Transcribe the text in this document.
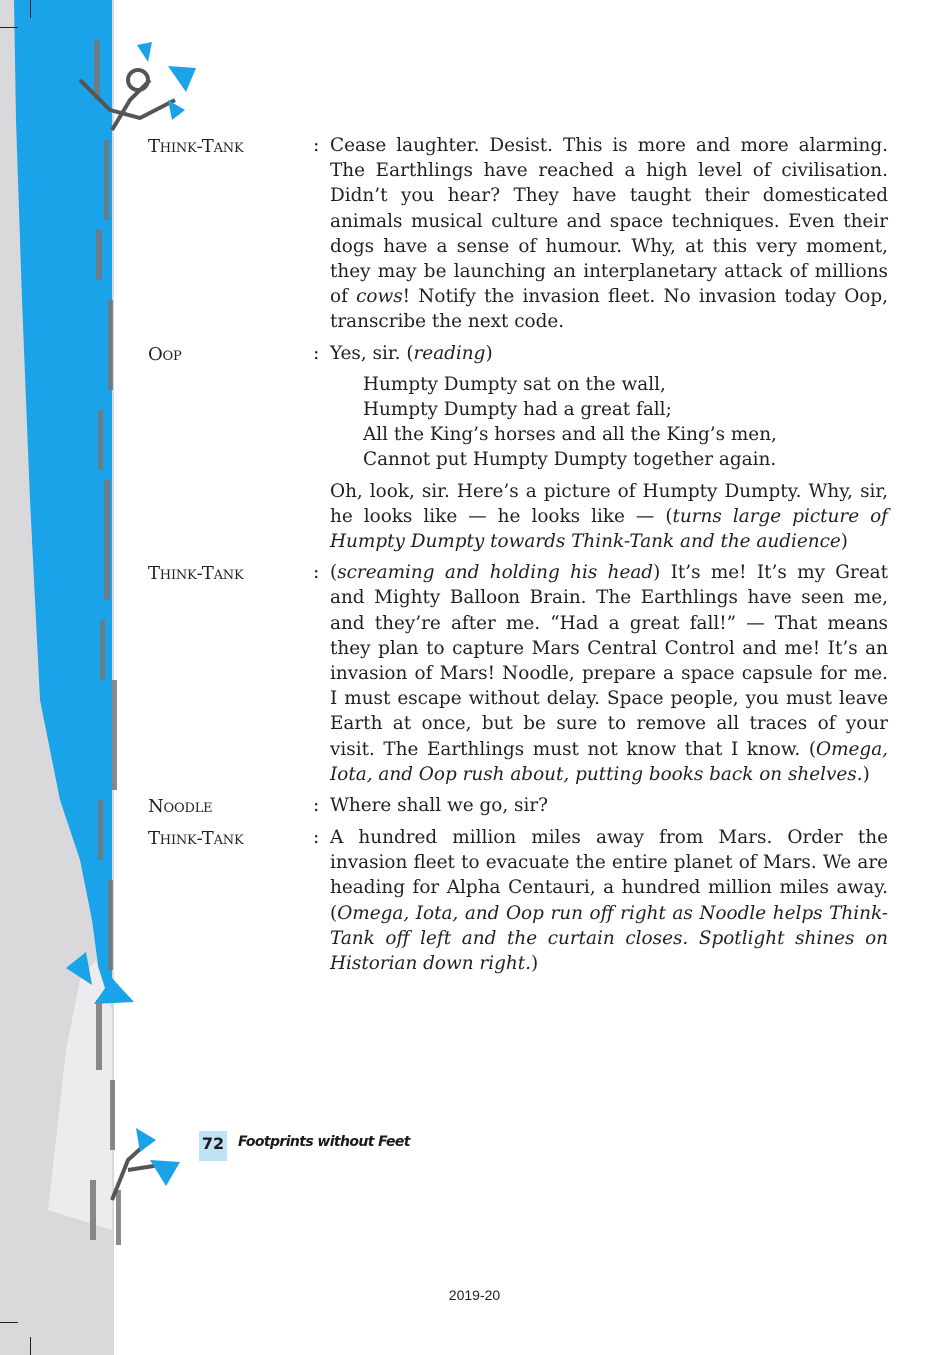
Think-Tank	: Cease laughter. Desist. This is more and more alarming. The Earthlings have reached a high level of civilisation. Didn’t you hear? They have taught their domesticated animals musical culture and space techniques. Even their dogs have a sense of humour. Why, at this very moment, they may be launching an interplanetary attack of millions of cows! Notify the invasion fleet. No invasion today Oop, transcribe the next code.

Oop	: Yes, sir. (reading)

Humpty Dumpty sat on the wall,
Humpty Dumpty had a great fall;
All the King’s horses and all the King’s men,
Cannot put Humpty Dumpty together again.

Oh, look, sir. Here’s a picture of Humpty Dumpty. Why, sir, he looks like — he looks like — (turns large picture of Humpty Dumpty towards Think-Tank and the audience)

Think-Tank	: (screaming and holding his head) It’s me! It’s my Great and Mighty Balloon Brain. The Earthlings have seen me, and they’re after me. “Had a great fall!” — That means they plan to capture Mars Central Control and me! It’s an invasion of Mars! Noodle, prepare a space capsule for me. I must escape without delay. Space people, you must leave Earth at once, but be sure to remove all traces of your visit. The Earthlings must not know that I know. (Omega, Iota, and Oop rush about, putting books back on shelves.)

Noodle	: Where shall we go, sir?

Think-Tank	: A hundred million miles away from Mars. Order the invasion fleet to evacuate the entire planet of Mars. We are heading for Alpha Centauri, a hundred million miles away. (Omega, Iota, and Oop run off right as Noodle helps Think-Tank off left and the curtain closes. Spotlight shines on Historian down right.)

72 Footprints without Feet
2019-20
